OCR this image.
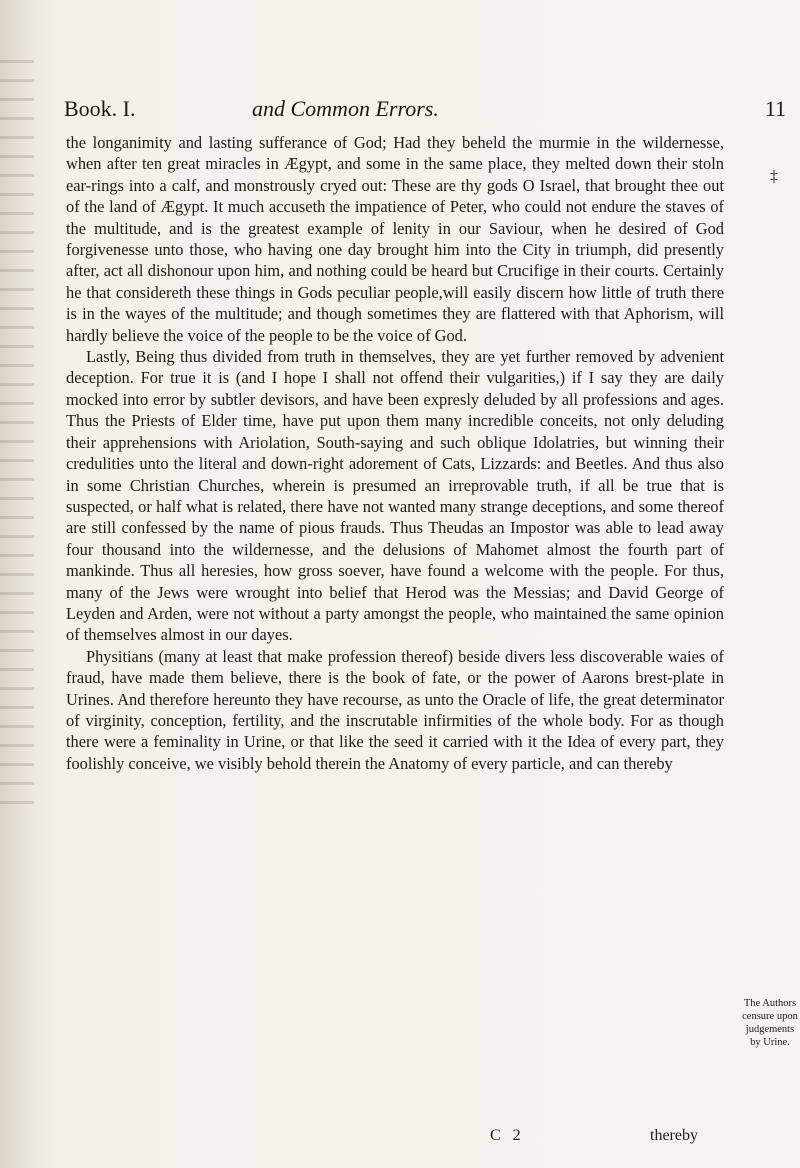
Book. I.	and Common Errors.	11
‡

the longanimity and lasting sufferance of God; Had they beheld the murmie in the wildernesse, when after ten great miracles in Ægypt, and some in the same place, they melted down their stoln ear-rings into a calf, and monstrously cryed out: These are thy gods O Israel, that brought thee out of the land of Ægypt. It much accuseth the impatience of Peter, who could not endure the staves of the multitude, and is the greatest example of lenity in our Saviour, when he desired of God forgivenesse unto those, who having one day brought him into the City in triumph, did presently after, act all dishonour upon him, and nothing could be heard but Crucifige in their courts. Certainly he that considereth these things in Gods peculiar people,will easily discern how little of truth there is in the wayes of the multitude; and though sometimes they are flattered with that Aphorism, will hardly believe the voice of the people to be the voice of God.

Lastly, Being thus divided from truth in themselves, they are yet further removed by advenient deception. For true it is (and I hope I shall not offend their vulgarities,) if I say they are daily mocked into error by subtler devisors, and have been expresly deluded by all professions and ages. Thus the Priests of Elder time, have put upon them many incredible conceits, not only deluding their apprehensions with Ariolation, South-saying and such oblique Idolatries, but winning their credulities unto the literal and down-right adorement of Cats, Lizzards: and Beetles. And thus also in some Christian Churches, wherein is presumed an irreprovable truth, if all be true that is suspected, or half what is related, there have not wanted many strange deceptions, and some thereof are still confessed by the name of pious frauds. Thus Theudas an Impostor was able to lead away four thousand into the wildernesse, and the delusions of Mahomet almost the fourth part of mankinde. Thus all heresies, how gross soever, have found a welcome with the people. For thus, many of the Jews were wrought into belief that Herod was the Messias; and David George of Leyden and Arden, were not without a party amongst the people, who maintained the same opinion of themselves almost in our dayes.

Physitians (many at least that make profession thereof) beside divers less discoverable waies of fraud, have made them believe, there is the book of fate, or the power of Aarons brest-plate in Urines. And therefore hereunto they have recourse, as unto the Oracle of life, the great determinator of virginity, conception, fertility, and the inscrutable infirmities of the whole body. For as though there were a feminality in Urine, or that like the seed it carried with it the Idea of every part, they foolishly conceive, we visibly behold therein the Anatomy of every particle, and can thereby

The Authors censure upon judgements by Urine.
C 2	thereby
